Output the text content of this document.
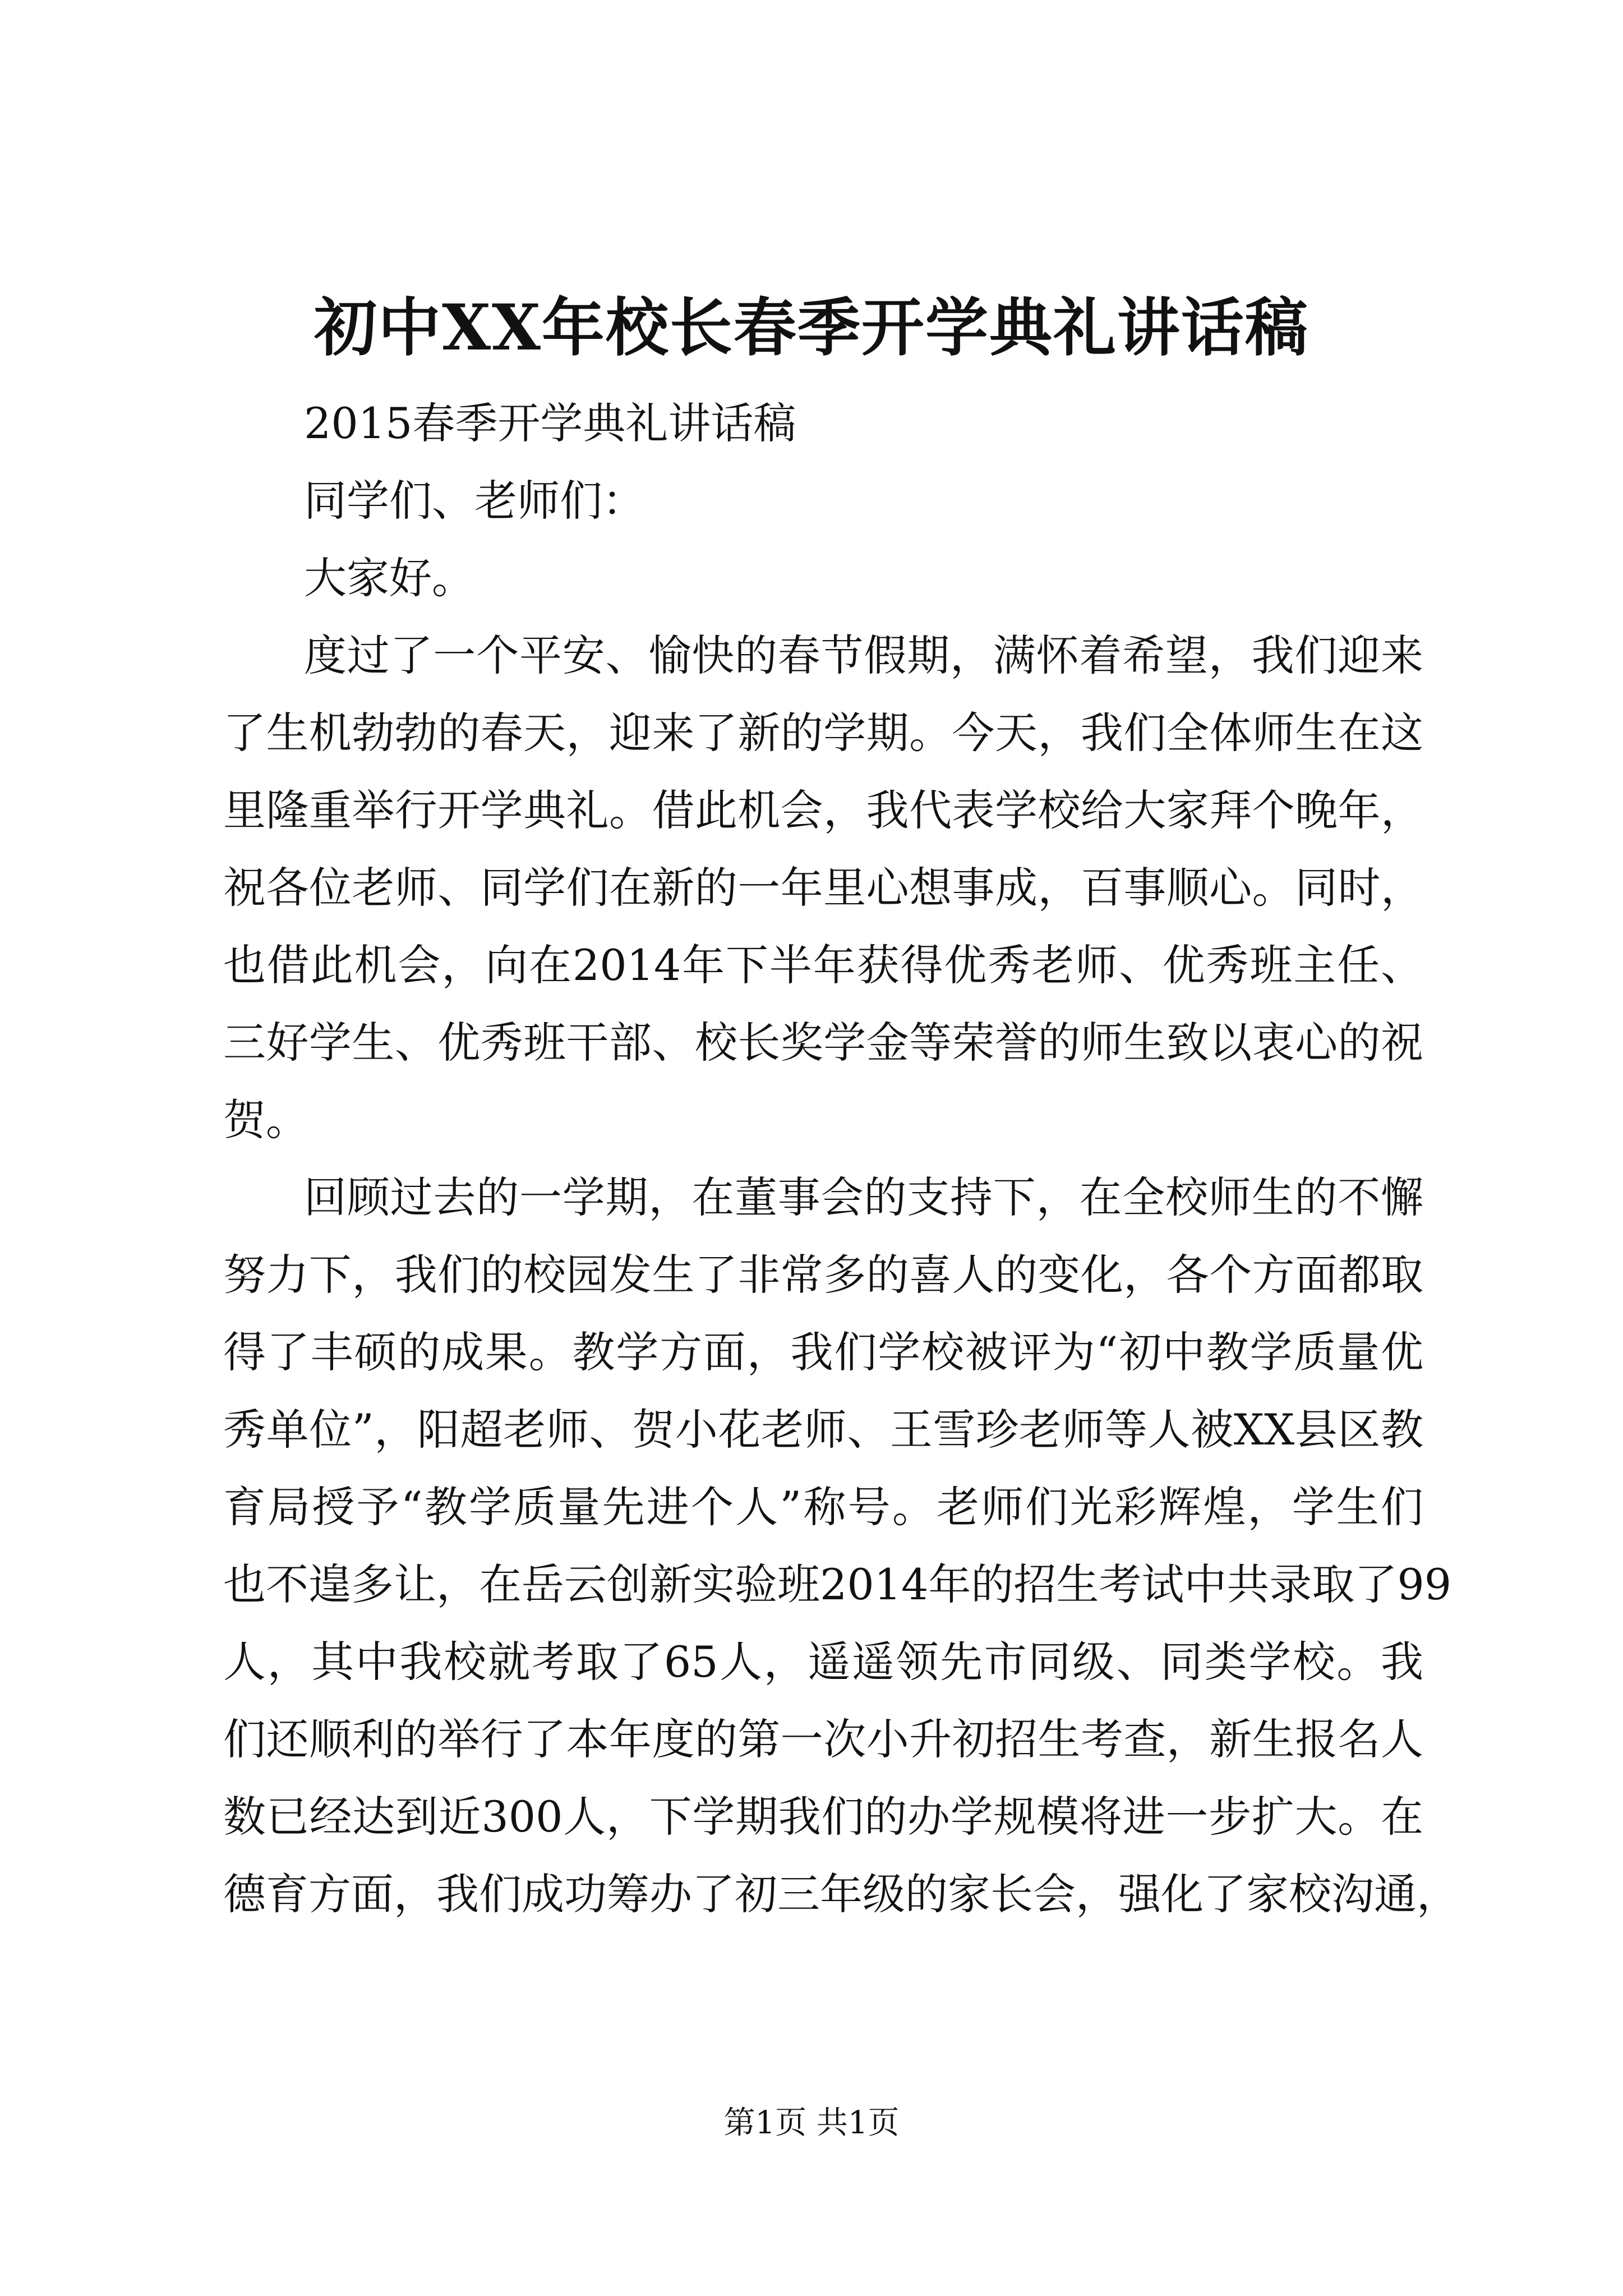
初中XX年校长春季开学典礼讲话稿

2015春季开学典礼讲话稿

同学们、老师们：

大家好。

度过了一个平安、愉快的春节假期，满怀着希望，我们迎来

了生机勃勃的春天，迎来了新的学期。今天，我们全体师生在这

里隆重举行开学典礼。借此机会，我代表学校给大家拜个晚年，

祝各位老师、同学们在新的一年里心想事成，百事顺心。同时，

也借此机会，向在2014年下半年获得优秀老师、优秀班主任、

三好学生、优秀班干部、校长奖学金等荣誉的师生致以衷心的祝

贺。

回顾过去的一学期，在董事会的支持下，在全校师生的不懈

努力下，我们的校园发生了非常多的喜人的变化，各个方面都取

得了丰硕的成果。教学方面，我们学校被评为“初中教学质量优

秀单位”，阳超老师、贺小花老师、王雪珍老师等人被XX县区教

育局授予“教学质量先进个人”称号。老师们光彩辉煌，学生们

也不遑多让，在岳云创新实验班2014年的招生考试中共录取了99

人，其中我校就考取了65人，遥遥领先市同级、同类学校。我

们还顺利的举行了本年度的第一次小升初招生考查，新生报名人

数已经达到近300人，下学期我们的办学规模将进一步扩大。在

德育方面，我们成功筹办了初三年级的家长会，强化了家校沟通，

第1页 共1页
